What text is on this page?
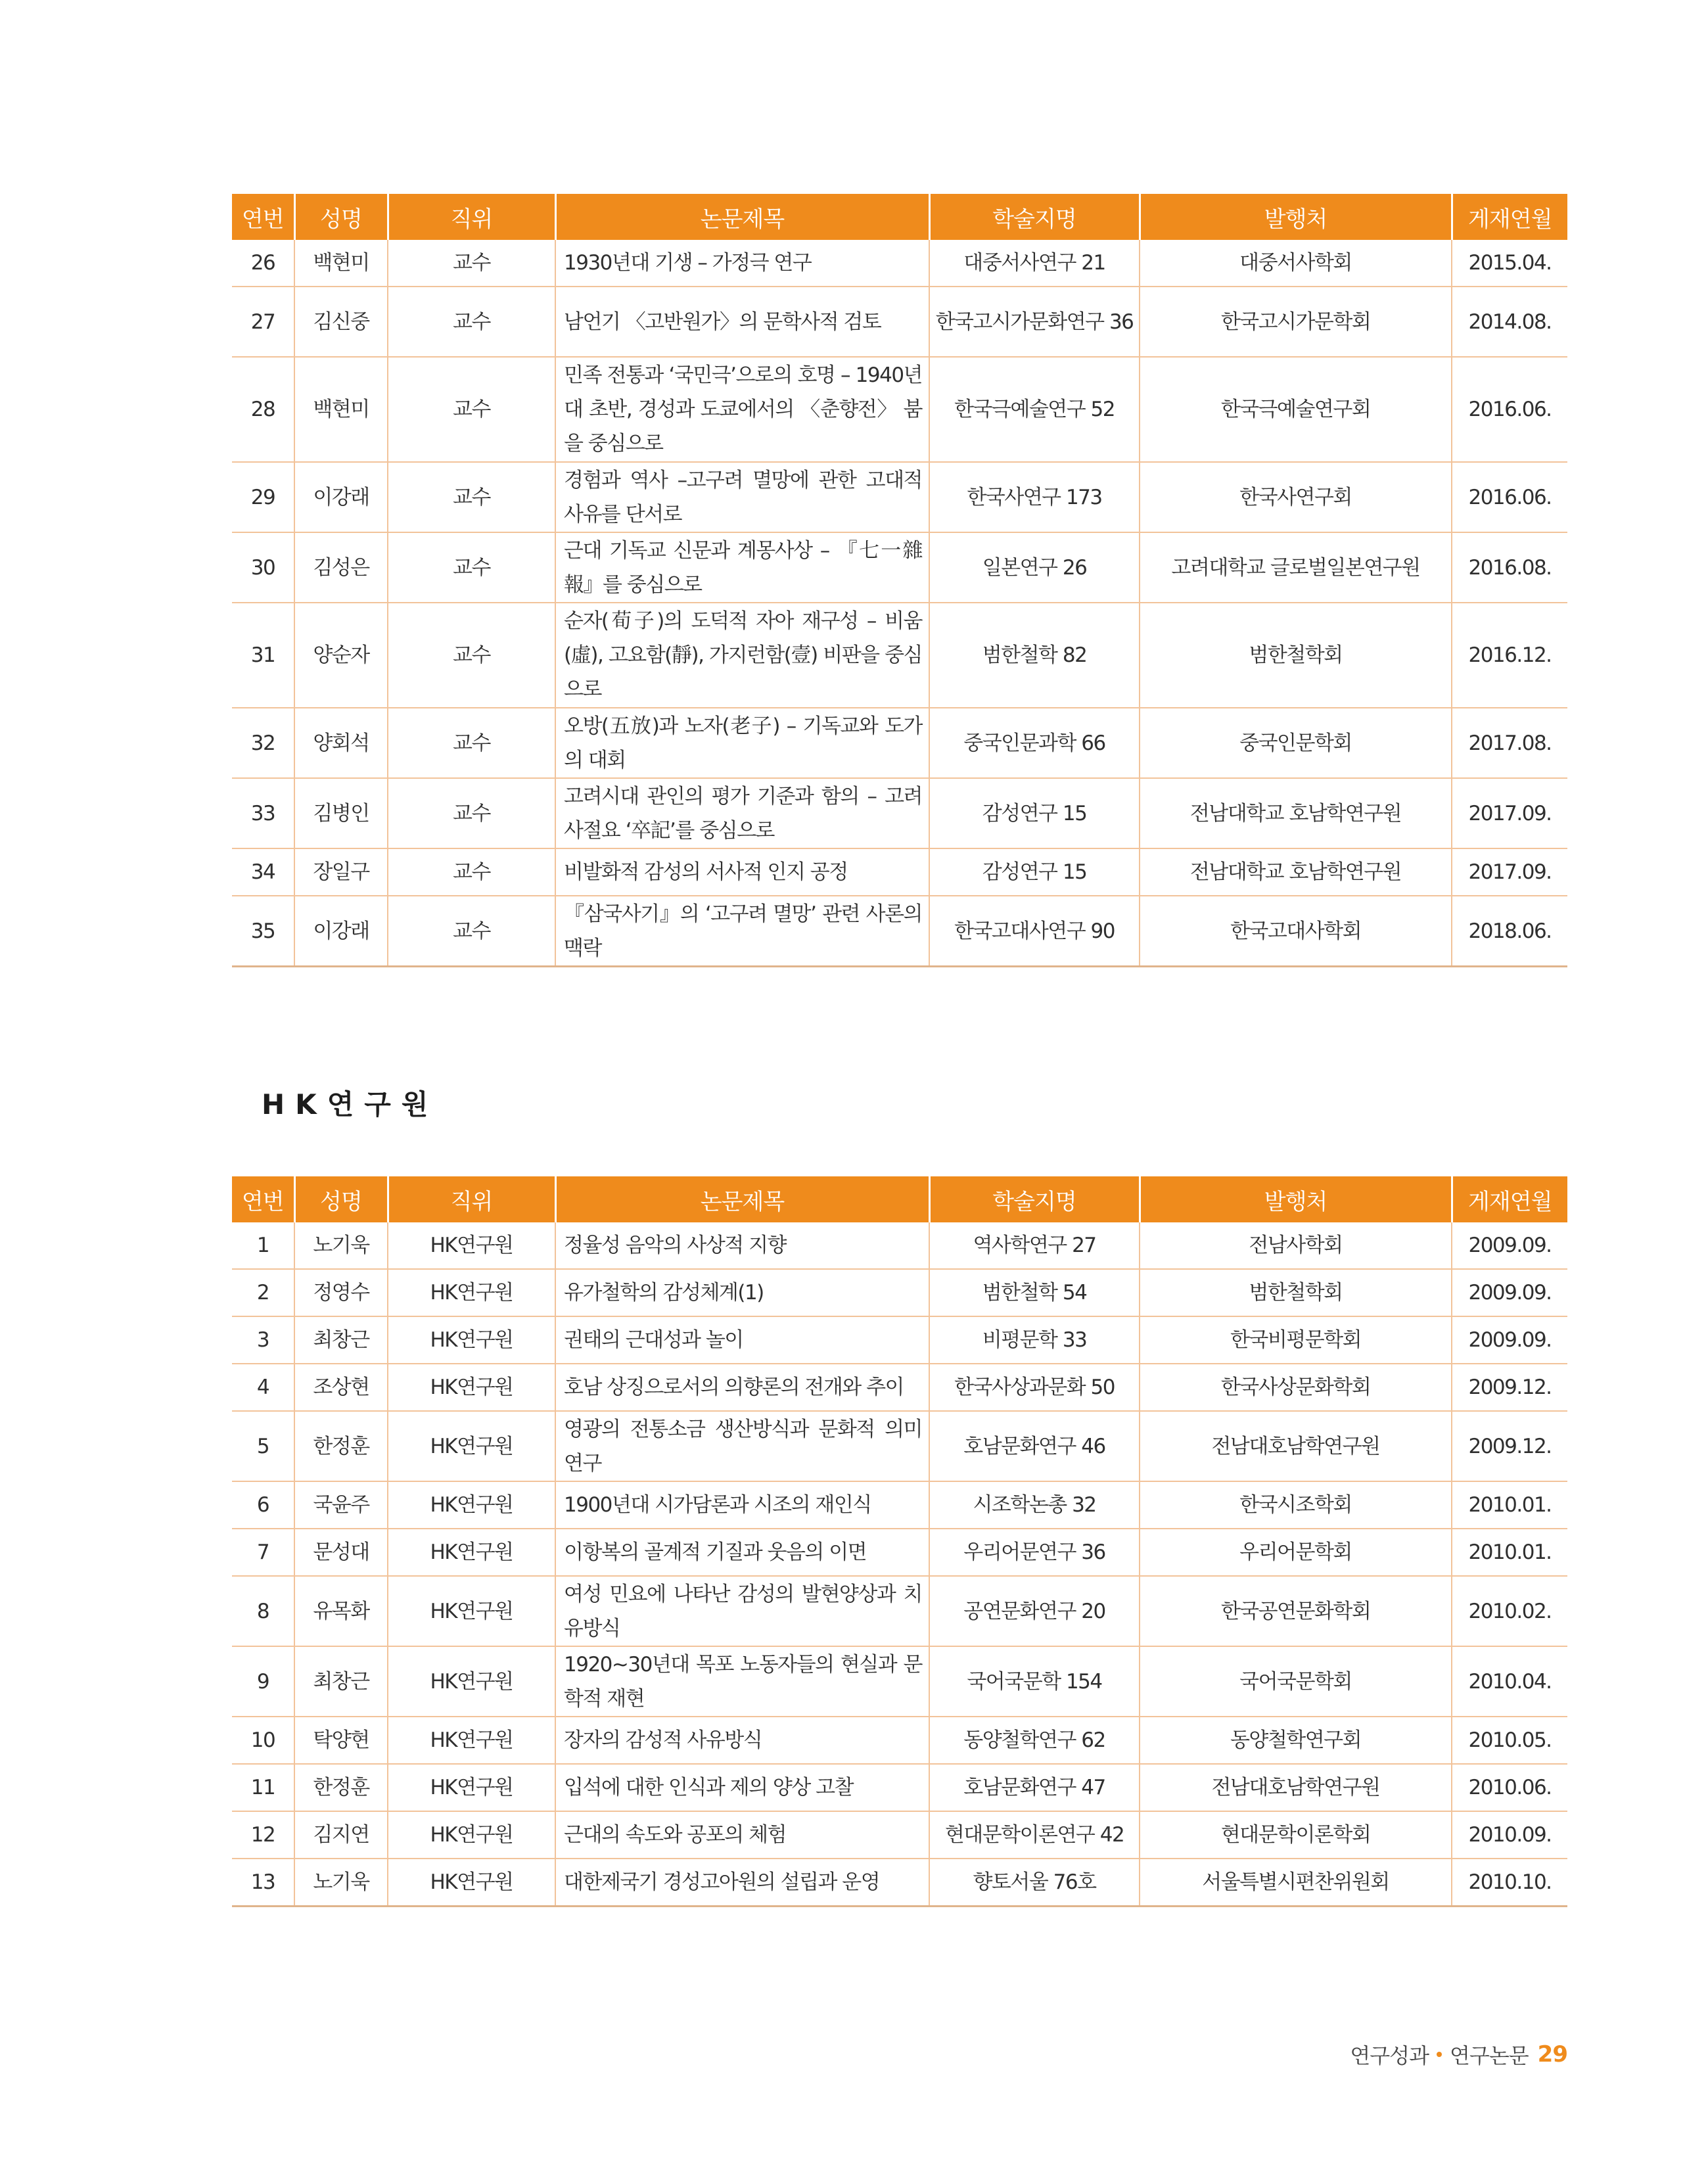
연번	성명	직위	논문제목	학술지명	발행처	게재연월
26	백현미	교수	1930년대 기생 – 가정극 연구	대중서사연구 21	대중서사학회	2015.04.
27	김신중	교수	남언기 〈고반원가〉의 문학사적 검토	한국고시가문화연구 36	한국고시가문학회	2014.08.
28	백현미	교수	민족 전통과 ‘국민극’으로의 호명 – 1940년대 초반, 경성과 도쿄에서의 〈춘향전〉 붐을 중심으로	한국극예술연구 52	한국극예술연구회	2016.06.
29	이강래	교수	경험과 역사 –고구려 멸망에 관한 고대적 사유를 단서로	한국사연구 173	한국사연구회	2016.06.
30	김성은	교수	근대 기독교 신문과 계몽사상 – 『七一雜報』를 중심으로	일본연구 26	고려대학교 글로벌일본연구원	2016.08.
31	양순자	교수	순자(荀子)의 도덕적 자아 재구성 – 비움(虛), 고요함(靜), 가지런함(壹) 비판을 중심으로	범한철학 82	범한철학회	2016.12.
32	양회석	교수	오방(五放)과 노자(老子) – 기독교와 도가의 대회	중국인문과학 66	중국인문학회	2017.08.
33	김병인	교수	고려시대 관인의 평가 기준과 함의 – 고려사절요 ‘卒記’를 중심으로	감성연구 15	전남대학교 호남학연구원	2017.09.
34	장일구	교수	비발화적 감성의 서사적 인지 공정	감성연구 15	전남대학교 호남학연구원	2017.09.
35	이강래	교수	『삼국사기』의 ‘고구려 멸망’ 관련 사론의 맥락	한국고대사연구 90	한국고대사학회	2018.06.
HK연구원
연번	성명	직위	논문제목	학술지명	발행처	게재연월
1	노기욱	HK연구원	정율성 음악의 사상적 지향	역사학연구 27	전남사학회	2009.09.
2	정영수	HK연구원	유가철학의 감성체계(1)	범한철학 54	범한철학회	2009.09.
3	최창근	HK연구원	권태의 근대성과 놀이	비평문학 33	한국비평문학회	2009.09.
4	조상현	HK연구원	호남 상징으로서의 의향론의 전개와 추이	한국사상과문화 50	한국사상문화학회	2009.12.
5	한정훈	HK연구원	영광의 전통소금 생산방식과 문화적 의미 연구	호남문화연구 46	전남대호남학연구원	2009.12.
6	국윤주	HK연구원	1900년대 시가담론과 시조의 재인식	시조학논총 32	한국시조학회	2010.01.
7	문성대	HK연구원	이항복의 골계적 기질과 웃음의 이면	우리어문연구 36	우리어문학회	2010.01.
8	유목화	HK연구원	여성 민요에 나타난 감성의 발현양상과 치유방식	공연문화연구 20	한국공연문화학회	2010.02.
9	최창근	HK연구원	1920~30년대 목포 노동자들의 현실과 문학적 재현	국어국문학 154	국어국문학회	2010.04.
10	탁양현	HK연구원	장자의 감성적 사유방식	동양철학연구 62	동양철학연구회	2010.05.
11	한정훈	HK연구원	입석에 대한 인식과 제의 양상 고찰	호남문화연구 47	전남대호남학연구원	2010.06.
12	김지연	HK연구원	근대의 속도와 공포의 체험	현대문학이론연구 42	현대문학이론학회	2010.09.
13	노기욱	HK연구원	대한제국기 경성고아원의 설립과 운영	향토서울 76호	서울특별시편찬위원회	2010.10.
연구성과 연구논문 29
